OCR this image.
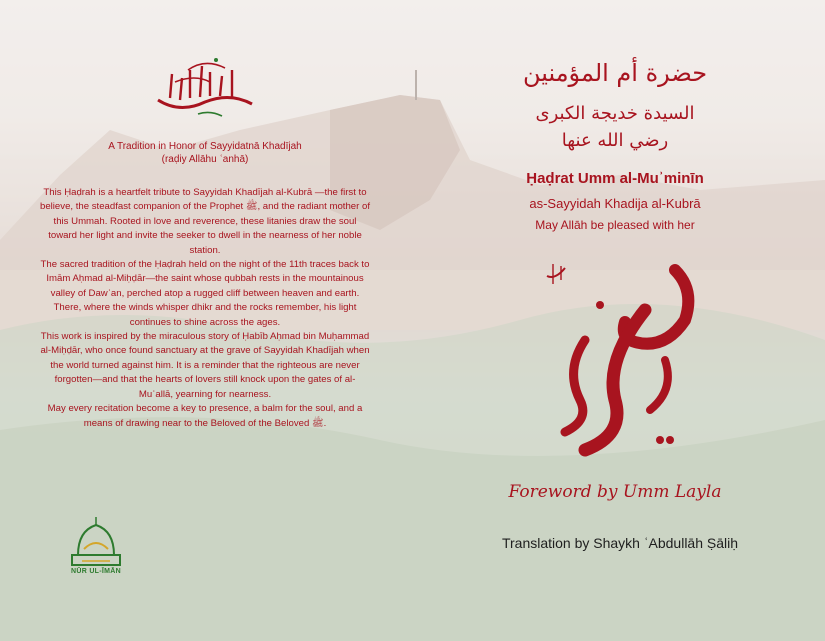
A Tradition in Honor of Sayyidatnā Khadījah
(raḍiy Allāhu ʿanhā)

This Ḥaḍrah is a heartfelt tribute to Sayyidah Khadījah al-Kubrā —the first to believe, the steadfast companion of the Prophet ﷺ, and the radiant mother of this Ummah. Rooted in love and reverence, these litanies draw the soul toward her light and invite the seeker to dwell in the nearness of her noble station.

The sacred tradition of the Ḥaḍrah held on the night of the 11th traces back to Imām Aḥmad al-Miḥḍār—the saint whose qubbah rests in the mountainous valley of Dawʿan, perched atop a rugged cliff between heaven and earth. There, where the winds whisper dhikr and the rocks remember, his light continues to shine across the ages.

This work is inspired by the miraculous story of Ḥabīb Aḥmad bin Muḥammad al-Miḥḍār, who once found sanctuary at the grave of Sayyidah Khadījah when the world turned against him. It is a reminder that the righteous are never forgotten—and that the hearts of lovers still knock upon the gates of al-Muʿallā, yearning for nearness.

May every recitation become a key to presence, a balm for the soul, and a means of drawing near to the Beloved of the Beloved ﷺ.

NŪR UL-ĪMĀN
حضرة أم المؤمنين
السيدة خديجة الكبرى
رضي الله عنها
Ḥaḍrat Umm al-Muʾminīn
as-Sayyidah Khadija al-Kubrā
May Allāh be pleased with her
Foreword by Umm Layla
Translation by Shaykh ʿAbdullāh Ṣāliḥ
